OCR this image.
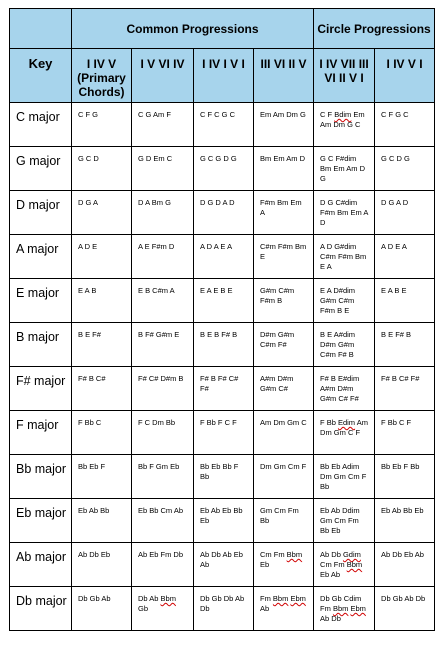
	Common Progressions				Circle Progressions	
Key	I IV V (Primary Chords)	I V VI IV	I IV I V I	III VI II V	I IV VII III VI II V I	I IV V I
C major	C F G	C G Am F	C F C G C	Em Am Dm G	C F Bdim Em Am Dm G C	C F G C
G major	G C D	G D Em C	G C G D G	Bm Em Am D	G C F#dim Bm Em Am D G	G C D G
D major	D G A	D A Bm G	D G D A D	F#m Bm Em A	D G C#dim F#m Bm Em A D	D G A D
A major	A D E	A E F#m D	A D A E A	C#m F#m Bm E	A D G#dim C#m F#m Bm E A	A D E A
E major	E A B	E B C#m A	E A E B E	G#m C#m F#m B	E A D#dim G#m C#m F#m B E	E A B E
B major	B E F#	B F# G#m E	B E B F# B	D#m G#m C#m F#	B E A#dim D#m G#m C#m F# B	B E F# B
F# major	F# B C#	F# C# D#m B	F# B F# C# F#	A#m D#m G#m C#	F# B E#dim A#m D#m G#m C# F#	F# B C# F#
F major	F Bb C	F C Dm Bb	F Bb F C F	Am Dm Gm C	F Bb Edim Am Dm Gm C F	F Bb C F
Bb major	Bb Eb F	Bb F Gm Eb	Bb Eb Bb F Bb	Dm Gm Cm F	Bb Eb Adim Dm Gm Cm F Bb	Bb Eb F Bb
Eb major	Eb Ab Bb	Eb Bb Cm Ab	Eb Ab Eb Bb Eb	Gm Cm Fm Bb	Eb Ab Ddim Gm Cm Fm Bb Eb	Eb Ab Bb Eb
Ab major	Ab Db Eb	Ab Eb Fm Db	Ab Db Ab Eb Ab	Cm Fm Bbm Eb	Ab Db Gdim Cm Fm Bbm Eb Ab	Ab Db Eb Ab
Db major	Db Gb Ab	Db Ab Bbm Gb	Db Gb Db Ab Db	Fm Bbm Ebm Ab	Db Gb Cdim Fm Bbm Ebm Ab Db	Db Gb Ab Db
